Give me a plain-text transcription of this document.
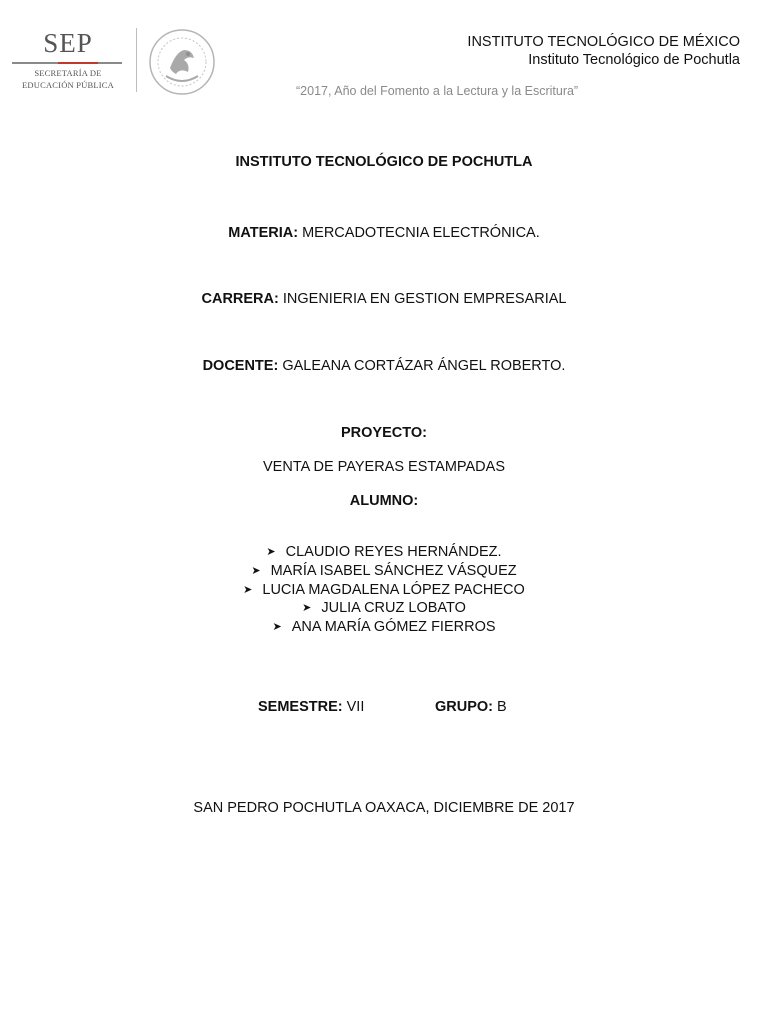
SEP
SECRETARÍA DE
EDUCACIÓN PÚBLICA
INSTITUTO TECNOLÓGICO DE MÉXICO
Instituto Tecnológico de Pochutla
“2017, Año del Fomento a la Lectura y la Escritura”
INSTITUTO TECNOLÓGICO DE POCHUTLA
MATERIA: MERCADOTECNIA ELECTRÓNICA.
CARRERA: INGENIERIA EN GESTION EMPRESARIAL
DOCENTE: GALEANA CORTÁZAR ÁNGEL ROBERTO.
PROYECTO:
VENTA DE PAYERAS ESTAMPADAS
ALUMNO:
➤ CLAUDIO REYES HERNÁNDEZ.
➤ MARÍA ISABEL SÁNCHEZ VÁSQUEZ
➤ LUCIA MAGDALENA LÓPEZ PACHECO
➤ JULIA CRUZ LOBATO
➤ ANA MARÍA GÓMEZ FIERROS
SEMESTRE: VII	GRUPO: B
SAN PEDRO POCHUTLA OAXACA, DICIEMBRE DE 2017
